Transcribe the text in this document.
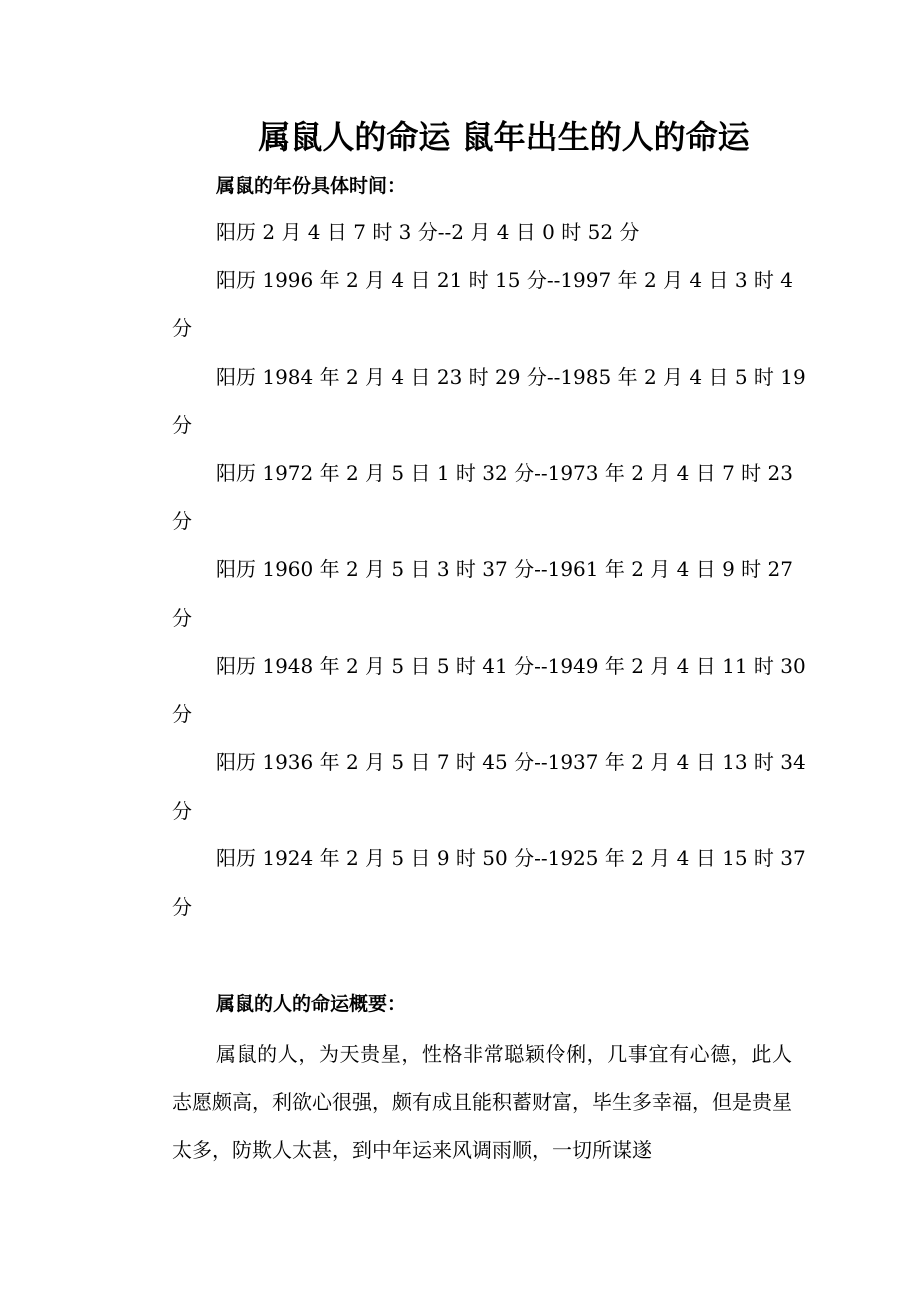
属鼠人的命运 鼠年出生的人的命运
属鼠的年份具体时间：
阳历 2 月 4 日 7 时 3 分--2 月 4 日 0 时 52 分
阳历 1996 年 2 月 4 日 21 时 15 分--1997 年 2 月 4 日 3 时 4
分
阳历 1984 年 2 月 4 日 23 时 29 分--1985 年 2 月 4 日 5 时 19
分
阳历 1972 年 2 月 5 日 1 时 32 分--1973 年 2 月 4 日 7 时 23
分
阳历 1960 年 2 月 5 日 3 时 37 分--1961 年 2 月 4 日 9 时 27
分
阳历 1948 年 2 月 5 日 5 时 41 分--1949 年 2 月 4 日 11 时 30
分
阳历 1936 年 2 月 5 日 7 时 45 分--1937 年 2 月 4 日 13 时 34
分
阳历 1924 年 2 月 5 日 9 时 50 分--1925 年 2 月 4 日 15 时 37
分
属鼠的人的命运概要：
属鼠的人，为天贵星，性格非常聪颖伶俐，几事宜有心德，此人志愿颇高，利欲心很强，颇有成且能积蓄财富，毕生多幸福，但是贵星太多，防欺人太甚，到中年运来风调雨顺，一切所谋遂
